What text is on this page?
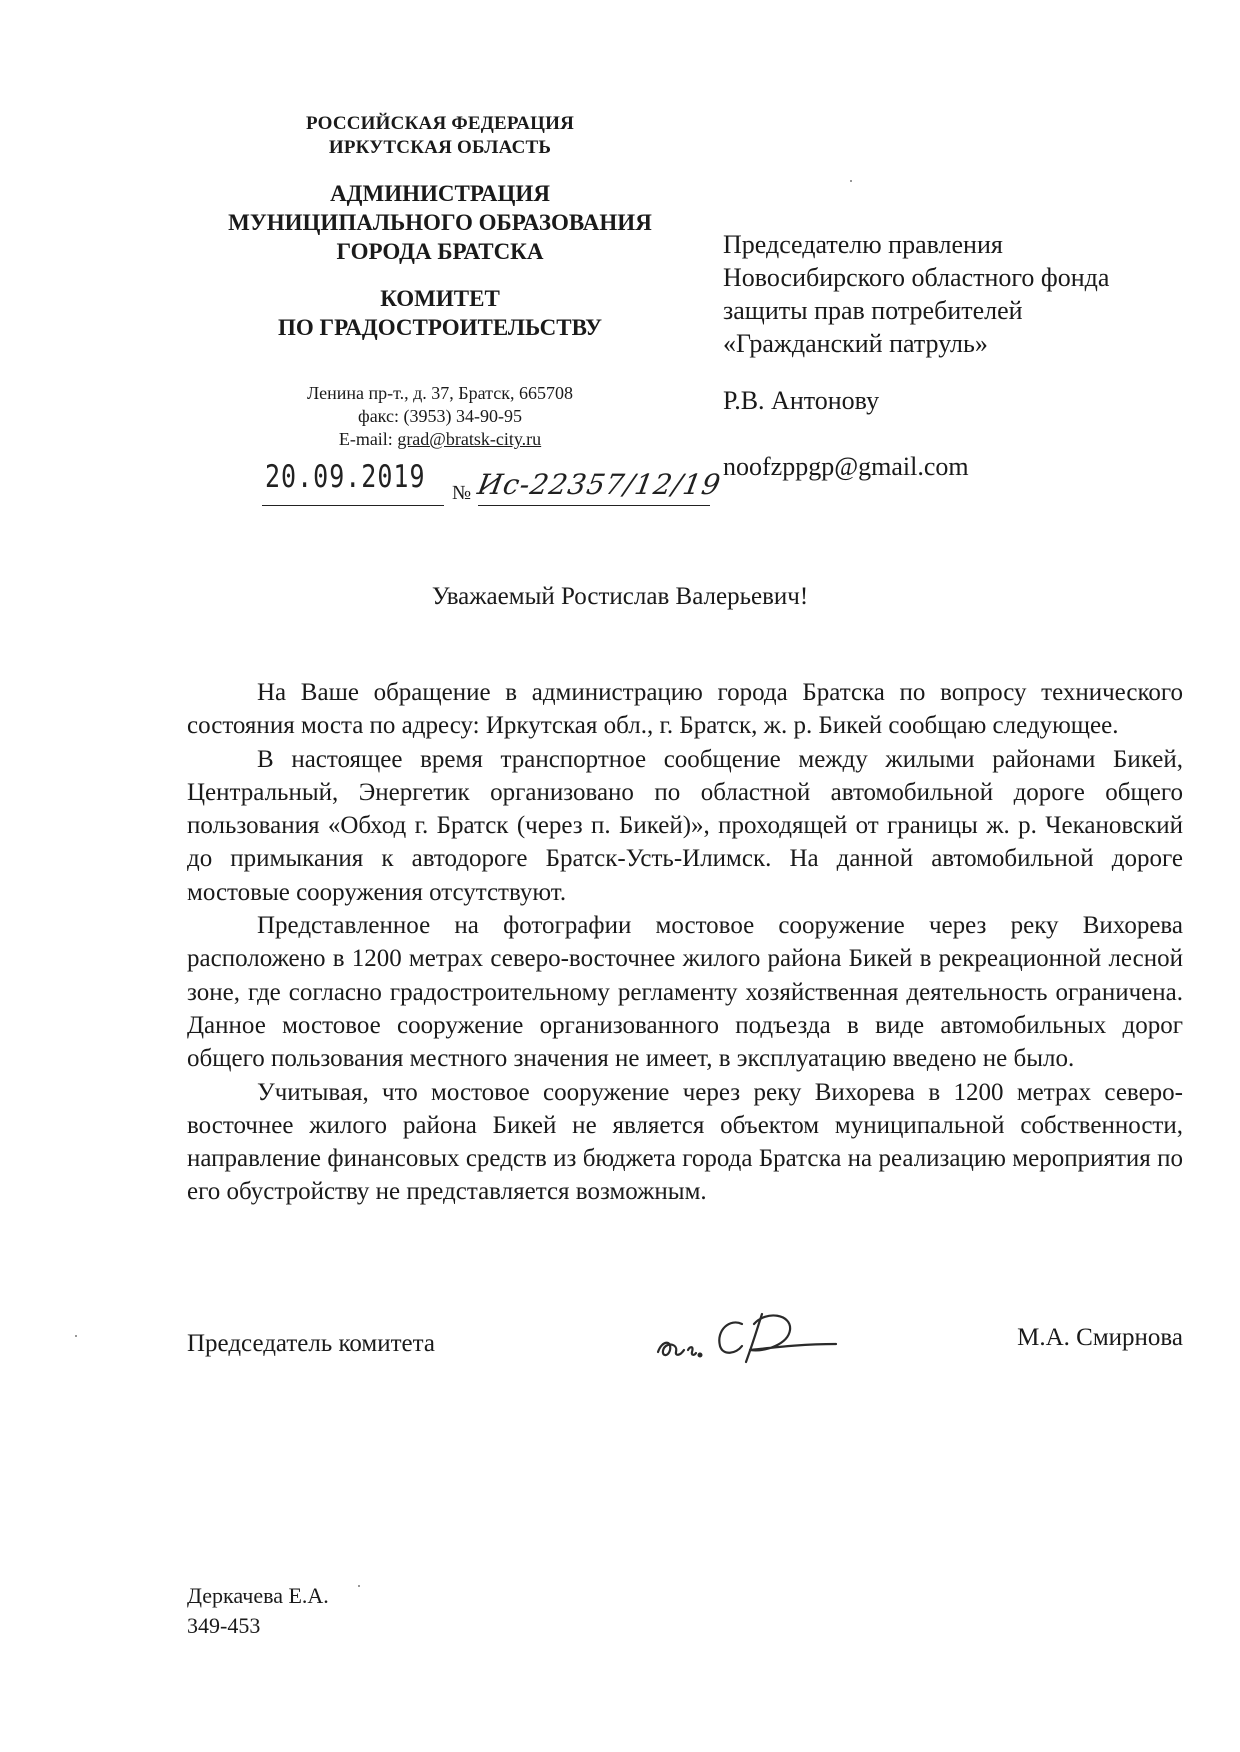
РОССИЙСКАЯ ФЕДЕРАЦИЯ
ИРКУТСКАЯ ОБЛАСТЬ
АДМИНИСТРАЦИЯ
МУНИЦИПАЛЬНОГО ОБРАЗОВАНИЯ
ГОРОДА БРАТСКА
КОМИТЕТ
ПО ГРАДОСТРОИТЕЛЬСТВУ
Ленина пр-т., д. 37, Братск, 665708
факс: (3953) 34-90-95
E-mail: grad@bratsk-city.ru
20.09.2019	№ Ис-22357/12/19
Председателю правления
Новосибирского областного фонда
защиты прав потребителей
«Гражданский патруль»
Р.В. Антонову
noofzppgp@gmail.com
Уважаемый Ростислав Валерьевич!

На Ваше обращение в администрацию города Братска по вопросу технического состояния моста по адресу: Иркутская обл., г. Братск, ж. р. Бикей сообщаю следующее.

В настоящее время транспортное сообщение между жилыми районами Бикей, Центральный, Энергетик организовано по областной автомобильной дороге общего пользования «Обход г. Братск (через п. Бикей)», проходящей от границы ж. р. Чекановский до примыкания к автодороге Братск-Усть-Илимск. На данной автомобильной дороге мостовые сооружения отсутствуют.

Представленное на фотографии мостовое сооружение через реку Вихорева расположено в 1200 метрах северо-восточнее жилого района Бикей в рекреационной лесной зоне, где согласно градостроительному регламенту хозяйственная деятельность ограничена. Данное мостовое сооружение организованного подъезда в виде автомобильных дорог общего пользования местного значения не имеет, в эксплуатацию введено не было.

Учитывая, что мостовое сооружение через реку Вихорева в 1200 метрах северо-восточнее жилого района Бикей не является объектом муниципальной собственности, направление финансовых средств из бюджета города Братска на реализацию мероприятия по его обустройству не представляется возможным.

Председатель комитета	М.А. Смирнова
Деркачева Е.А.
349-453
